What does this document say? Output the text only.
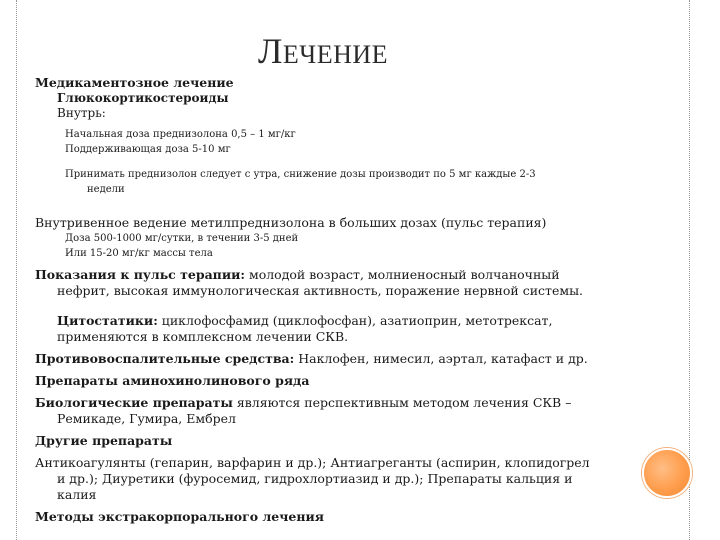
ЛЕЧЕНИЕ

Медикаментозное лечение

Глюкокортикостероиды

Внутрь:

Начальная доза преднизолона 0,5 – 1 мг/кг

Поддерживающая доза 5-10 мг

Принимать преднизолон следует с утра, снижение дозы производит по 5 мг каждые 2-3
недели

Внутривенное ведение метилпреднизолона в больших дозах (пульс терапия)

Доза 500-1000 мг/сутки, в течении 3-5 дней

Или 15-20 мг/кг массы тела

Показания к пульс терапии: молодой возраст, молниеносный волчаночный
нефрит, высокая иммунологическая активность, поражение нервной системы.

Цитостатики: циклофосфамид (циклофосфан), азатиоприн, метотрексат,
применяются в комплексном лечении СКВ.

Противовоспалительные средства: Наклофен, нимесил, аэртал, катафаст и др.

Препараты аминохинолинового ряда

Биологические препараты являются перспективным методом лечения СКВ –
Ремикаде, Гумира, Ембрел

Другие препараты

Антикоагулянты (гепарин, варфарин и др.); Антиагреганты (аспирин, клопидогрел
и др.); Диуретики (фуросемид, гидрохлортиазид и др.); Препараты кальция и
калия

Методы экстракорпорального лечения
